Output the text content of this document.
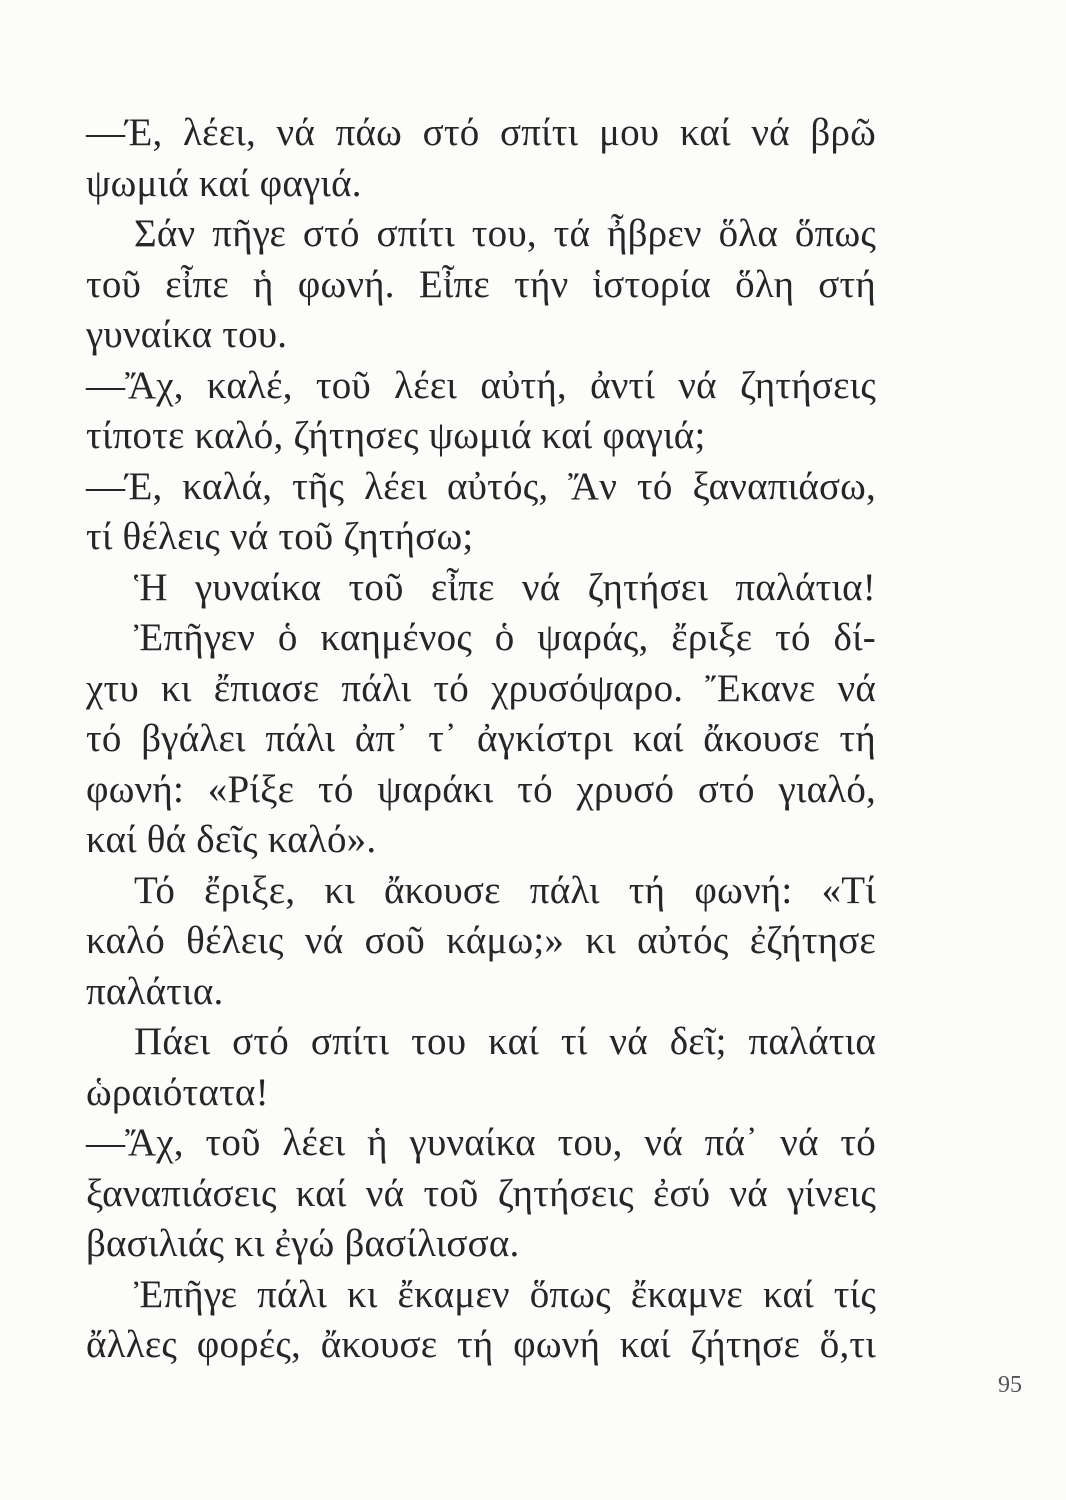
—Έ, λέει, νά πάω στό σπίτι μου καί νά βρῶ
ψωμιά καί φαγιά.
Σάν πῆγε στό σπίτι του, τά ἦβρεν ὅλα ὅπως
τοῦ εἶπε ἡ φωνή. Εἶπε τήν ἱστορία ὅλη στή
γυναίκα του.
—Ἄχ, καλέ, τοῦ λέει αὐτή, ἀντί νά ζητήσεις
τίποτε καλό, ζήτησες ψωμιά καί φαγιά;
—Έ, καλά, τῆς λέει αὐτός, Ἄν τό ξαναπιάσω,
τί θέλεις νά τοῦ ζητήσω;
Ἡ γυναίκα τοῦ εἶπε νά ζητήσει παλάτια!
Ἐπῆγεν ὁ καημένος ὁ ψαράς, ἔριξε τό δί-
χτυ κι ἔπιασε πάλι τό χρυσόψαρο. Ἔκανε νά
τό βγάλει πάλι ἀπ᾽ τ᾽ ἀγκίστρι καί ἄκουσε τή
φωνή: «Ρίξε τό ψαράκι τό χρυσό στό γιαλό,
καί θά δεῖς καλό».
Τό ἔριξε, κι ἄκουσε πάλι τή φωνή: «Τί
καλό θέλεις νά σοῦ κάμω;» κι αὐτός ἐζήτησε
παλάτια.
Πάει στό σπίτι του καί τί νά δεῖ; παλάτια
ὡραιότατα!
—Ἄχ, τοῦ λέει ἡ γυναίκα του, νά πά᾽ νά τό
ξαναπιάσεις καί νά τοῦ ζητήσεις ἐσύ νά γίνεις
βασιλιάς κι ἐγώ βασίλισσα.
Ἐπῆγε πάλι κι ἔκαμεν ὅπως ἔκαμνε καί τίς
ἄλλες φορές, ἄκουσε τή φωνή καί ζήτησε ὅ,τι
95
